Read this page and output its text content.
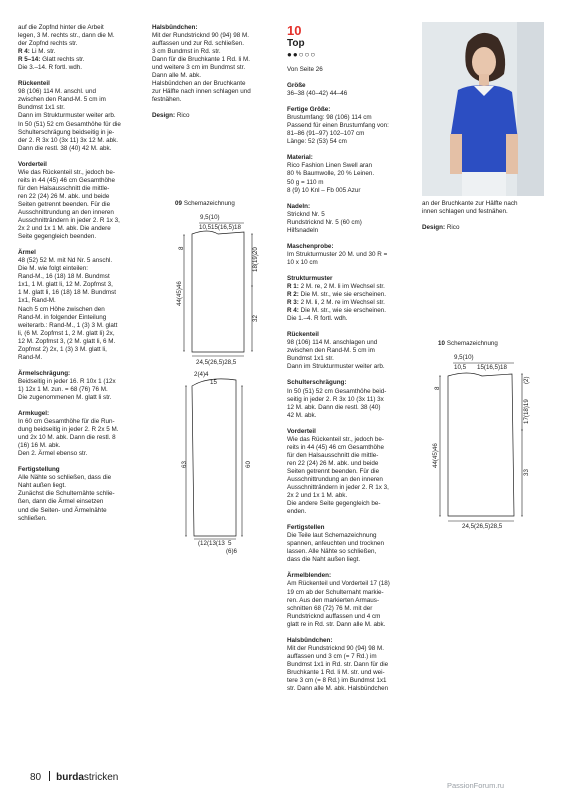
auf die Zopfnd hinter die Arbeit
legen, 3 M. rechts str., dann die M.
der Zopfnd rechts str.
R 4: Li M. str.
R 5–14: Glatt rechts str.
Die 3.–14. R fortl. wdh.

Rückenteil
98 (106) 114 M. anschl. und
zwischen den Rand-M. 5 cm im
Bundmst 1x1 str.
Dann im Strukturmuster weiter arb.
In 50 (51) 52 cm Gesamthöhe für die
Schulterschrägung beidseitig in je-
der 2. R 3x 10 (3x 11) 3x 12 M. abk.
Dann die restl. 38 (40) 42 M. abk.

Vorderteil
Wie das Rückenteil str., jedoch be-
reits in 44 (45) 46 cm Gesamthöhe
für den Halsausschnitt die mittle-
ren 22 (24) 26 M. abk. und beide
Seiten getrennt beenden. Für die
Ausschnittrundung an den inneren
Ausschnitträndern in jeder 2. R 1x 3,
2x 2 und 1x 1 M. abk. Die andere
Seite gegengleich beenden.

Ärmel
48 (52) 52 M. mit Nd Nr. 5 anschl.
Die M. wie folgt einteilen:
Rand-M., 16 (18) 18 M. Bundmst
1x1, 1 M. glatt li, 12 M. Zopfmst 3,
1 M. glatt li, 16 (18) 18 M. Bundmst
1x1, Rand-M.
Nach 5 cm Höhe zwischen den
Rand-M. in folgender Einteilung
weiterarb.: Rand-M., 1 (3) 3 M. glatt
li, (6 M. Zopfmst 1, 2 M. glatt li) 2x,
12 M. Zopfmst 3, (2 M. glatt li, 6 M.
Zopfmst 2) 2x, 1 (3) 3 M. glatt li,
Rand-M.

Ärmelschrägung:
Beidseitig in jeder 16. R 10x 1 (12x
1) 12x 1 M. zun. = 68 (76) 76 M.
Die zugenommenen M. glatt li str.

Armkugel:
In 60 cm Gesamthöhe für die Run-
dung beidseitig in jeder 2. R 2x 5 M.
und 2x 10 M. abk. Dann die restl. 8
(16) 16 M. abk.
Den 2. Ärmel ebenso str.

Fertigstellung
Alle Nähte so schließen, dass die
Naht außen liegt.
Zunächst die Schulternähte schlie-
ßen, dann die Ärmel einsetzen
und die Seiten- und Ärmelnähte
schließen.

Halsbündchen:
Mit der Rundstricknd 90 (94) 98 M.
auffassen und zur Rd. schließen.
3 cm Bundmst in Rd. str.
Dann für die Bruchkante 1 Rd. li M.
und weitere 3 cm im Bundmst str.
Dann alle M. abk.
Halsbündchen an der Bruchkante
zur Hälfte nach innen schlagen und
festnähen.

Design: Rico

10
Top
●●○○○

Von Seite 26

Größe
36–38 (40–42) 44–46

Fertige Größe:
Brustumfang: 98 (106) 114 cm
Passend für einen Brustumfang von:
81–86 (91–97) 102–107 cm
Länge: 52 (53) 54 cm

Material:
Rico Fashion Linen Swell aran
80 % Baumwolle, 20 % Leinen.
50 g = 110 m
8 (9) 10 Knl – Fb 005 Azur

Nadeln:
Stricknd Nr. 5
Rundstricknd Nr. 5 (60 cm)
Hilfsnadeln

Maschenprobe:
Im Strukturmuster 20 M. und 30 R =
10 x 10 cm

Strukturmuster
R 1: 2 M. re, 2 M. li im Wechsel str.
R 2: Die M. str., wie sie erscheinen.
R 3: 2 M. li, 2 M. re im Wechsel str.
R 4: Die M. str., wie sie erscheinen.
Die 1.–4. R fortl. wdh.

Rückenteil
98 (106) 114 M. anschlagen und
zwischen den Rand-M. 5 cm im
Bundmst 1x1 str.
Dann im Strukturmuster weiter arb.

Schulterschrägung:
In 50 (51) 52 cm Gesamthöhe beid-
seitig in jeder 2. R 3x 10 (3x 11) 3x
12 M. abk. Dann die restl. 38 (40)
42 M. abk.

Vorderteil
Wie das Rückenteil str., jedoch be-
reits in 44 (45) 46 cm Gesamthöhe
für den Halsausschnitt die mittle-
ren 22 (24) 26 M. abk. und beide
Seiten getrennt beenden. Für die
Ausschnittrundung an den inneren
Ausschnitträndern in jeder 2. R 1x 3,
2x 2 und 1x 1 M. abk.
Die andere Seite gegengleich be-
enden.

Fertigstellen
Die Teile laut Schemazeichnung
spannen, anfeuchten und trocknen
lassen. Alle Nähte so schließen,
dass die Naht außen liegt.

Ärmelblenden:
Am Rückenteil und Vorderteil 17 (18)
19 cm ab der Schulternaht markie-
ren. Aus den markierten Armaus-
schnitten 68 (72) 76 M. mit der
Rundstricknd auffassen und 4 cm
glatt re in Rd. str. Dann alle M. abk.

Halsbündchen:
Mit der Rundstricknd 90 (94) 98 M.
auffassen und 3 cm (= 7 Rd.) im
Bundmst 1x1 in Rd. str. Dann für die
Bruchkante 1 Rd. li M. str. und wei-
tere 3 cm (= 8 Rd.) im Bundmst 1x1
str. Dann alle M. abk. Halsbündchen

an der Bruchkante zur Hälfte nach
innen schlagen und festnähen.

Design: Rico

09 Schemazeichnung
9,5(10)
10,5 15(16,5)18
8
44(45)46
18(19)20
32
24,5(26,5)28,5
2(4)4
15
63	60
(12(13(13 5
(6)6
10 Schemazeichnung
9,5(10)
10,5 15(16,5)18
8
44(45)46
(2)
17(18)19
33
24,5(26,5)28,5
80 burdastricken
PassionForum.ru
